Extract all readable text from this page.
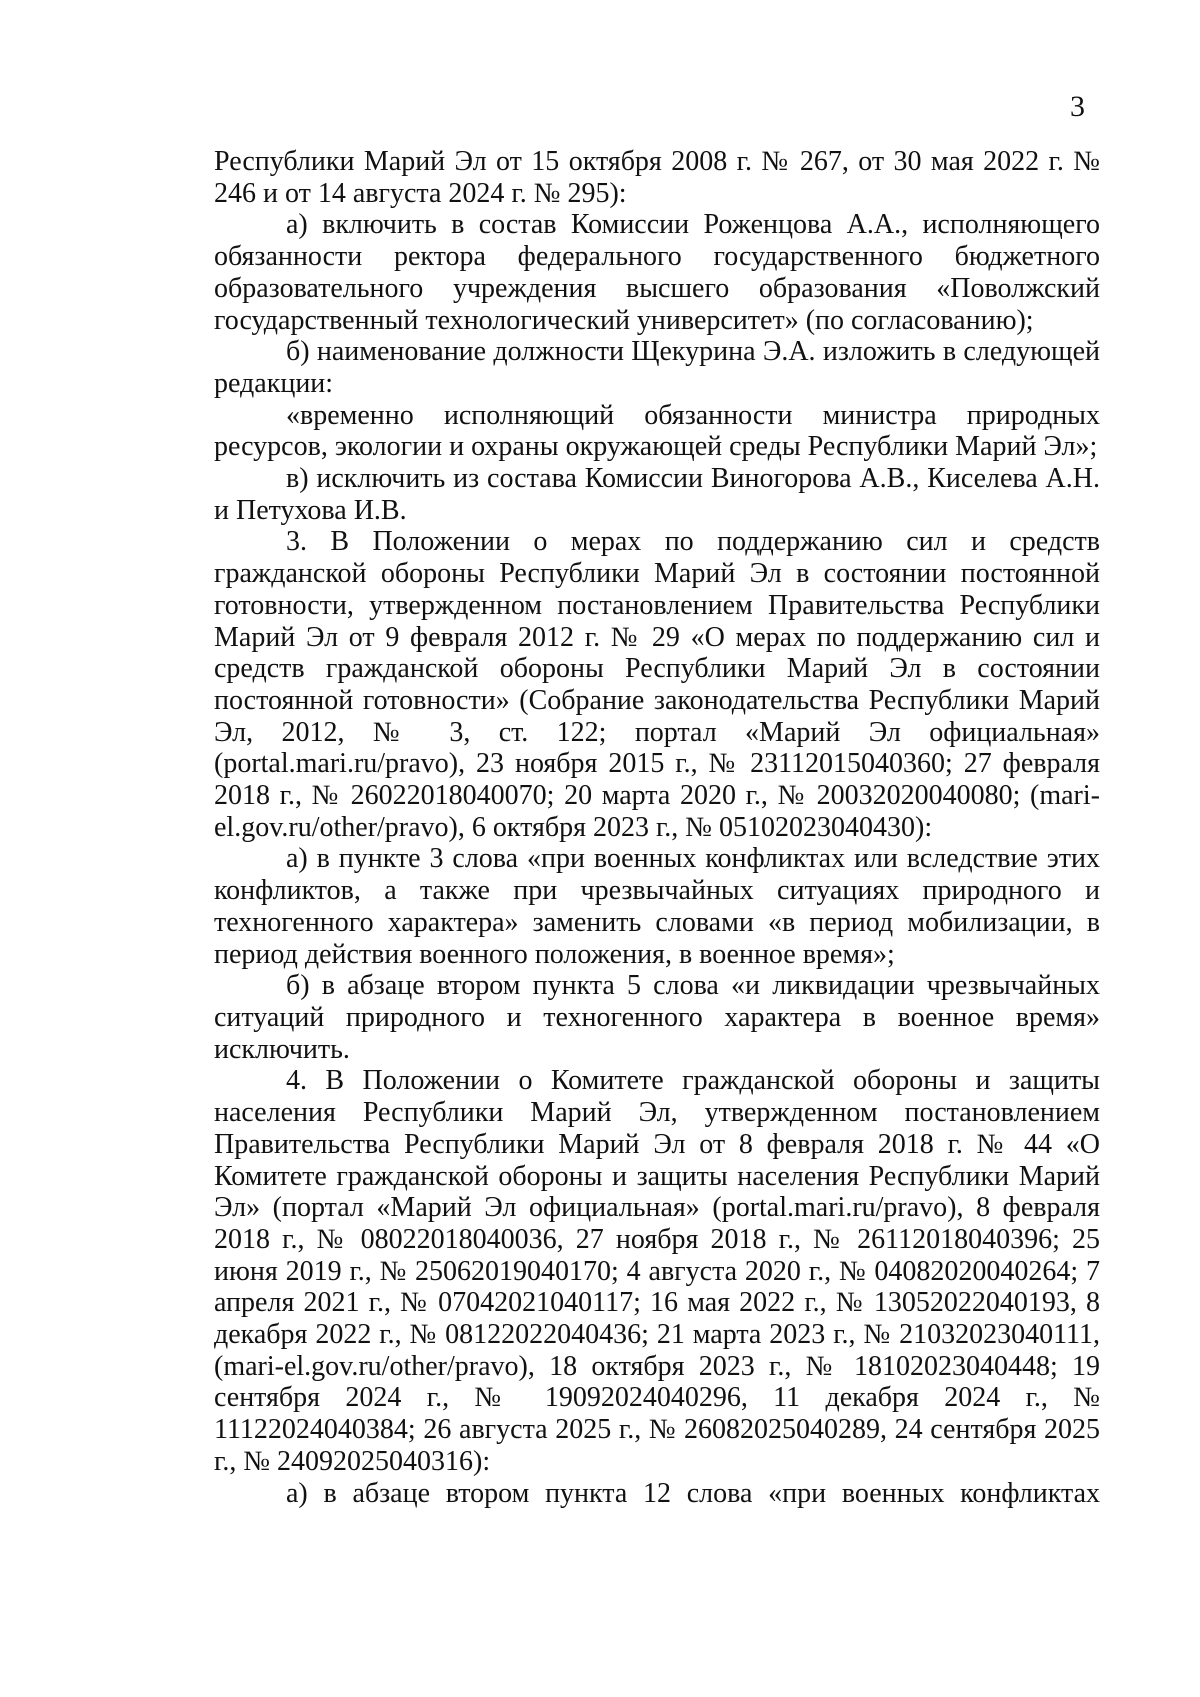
3

Республики Марий Эл от 15 октября 2008 г. № 267, от 30 мая 2022 г. № 246 и от 14 августа 2024 г. № 295):

а) включить в состав Комиссии Роженцова А.А., исполняющего обязанности ректора федерального государственного бюджетного образовательного учреждения высшего образования «Поволжский государственный технологический университет» (по согласованию);

б) наименование должности Щекурина Э.А. изложить в следующей редакции:

«временно исполняющий обязанности министра природных ресурсов, экологии и охраны окружающей среды Республики Марий Эл»;

в) исключить из состава Комиссии Виногорова А.В., Киселева А.Н. и Петухова И.В.

3. В Положении о мерах по поддержанию сил и средств гражданской обороны Республики Марий Эл в состоянии постоянной готовности, утвержденном постановлением Правительства Республики Марий Эл от 9 февраля 2012 г. № 29 «О мерах по поддержанию сил и средств гражданской обороны Республики Марий Эл в состоянии постоянной готовности» (Собрание законодательства Республики Марий Эл, 2012, № 3, ст. 122; портал «Марий Эл официальная» (portal.mari.ru/pravo), 23 ноября 2015 г., № 23112015040360; 27 февраля 2018 г., № 26022018040070; 20 марта 2020 г., № 20032020040080; (mari-el.gov.ru/other/pravo), 6 октября 2023 г., № 05102023040430):

а) в пункте 3 слова «при военных конфликтах или вследствие этих конфликтов, а также при чрезвычайных ситуациях природного и техногенного характера» заменить словами «в период мобилизации, в период действия военного положения, в военное время»;

б) в абзаце втором пункта 5 слова «и ликвидации чрезвычайных ситуаций природного и техногенного характера в военное время» исключить.

4. В Положении о Комитете гражданской обороны и защиты населения Республики Марий Эл, утвержденном постановлением Правительства Республики Марий Эл от 8 февраля 2018 г. № 44 «О Комитете гражданской обороны и защиты населения Республики Марий Эл» (портал «Марий Эл официальная» (portal.mari.ru/pravo), 8 февраля 2018 г., № 08022018040036, 27 ноября 2018 г., № 26112018040396; 25 июня 2019 г., № 25062019040170; 4 августа 2020 г., № 04082020040264; 7 апреля 2021 г., № 07042021040117; 16 мая 2022 г., № 13052022040193, 8 декабря 2022 г., № 08122022040436; 21 марта 2023 г., № 21032023040111, (mari-el.gov.ru/other/pravo), 18 октября 2023 г., № 18102023040448; 19 сентября 2024 г., № 19092024040296, 11 декабря 2024 г., № 11122024040384; 26 августа 2025 г., № 26082025040289, 24 сентября 2025 г., № 24092025040316):

а) в абзаце втором пункта 12 слова «при военных конфликтах
